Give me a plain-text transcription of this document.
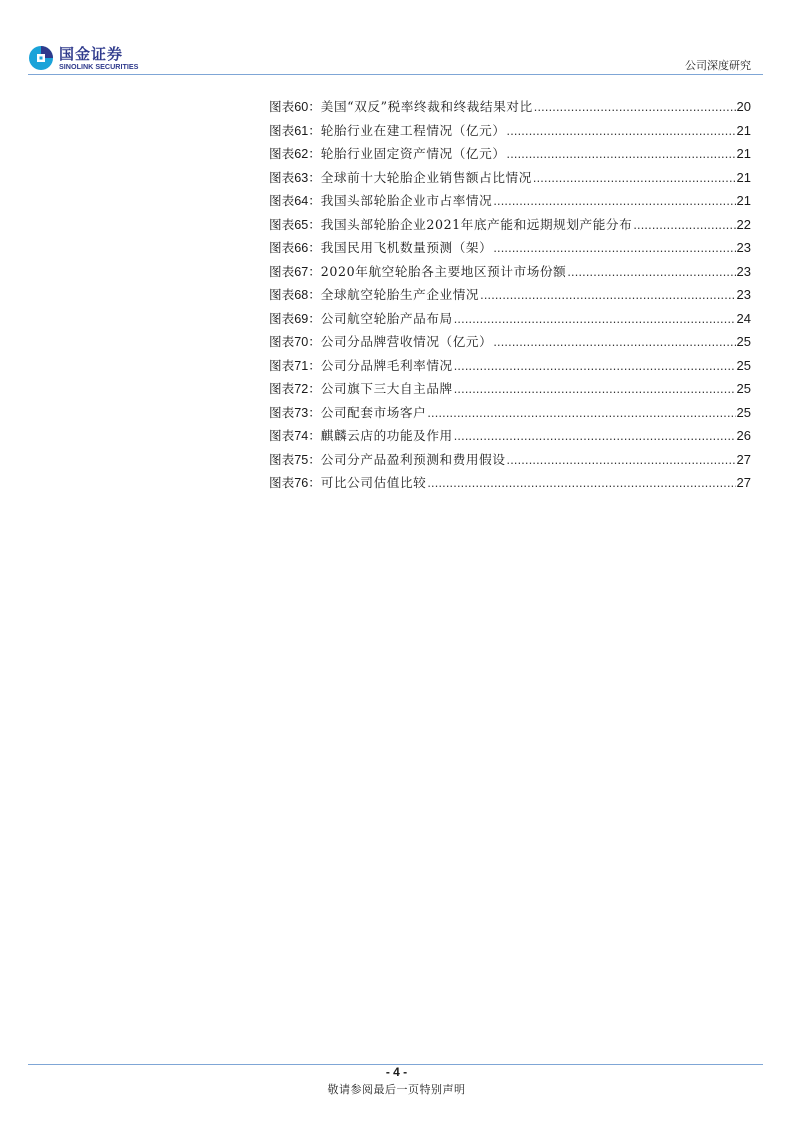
国金证券
SINOLINK SECURITIES	公司深度研究
图表60： 美国“双反”税率终裁和终裁结果对比 .....	20
图表61： 轮胎行业在建工程情况（亿元） .....	21
图表62： 轮胎行业固定资产情况（亿元） .....	21
图表63： 全球前十大轮胎企业销售额占比情况 .....	21
图表64： 我国头部轮胎企业市占率情况 .....	21
图表65： 我国头部轮胎企业2021年底产能和远期规划产能分布 .....	22
图表66： 我国民用飞机数量预测（架） .....	23
图表67： 2020年航空轮胎各主要地区预计市场份额 .....	23
图表68： 全球航空轮胎生产企业情况 .....	23
图表69： 公司航空轮胎产品布局 .....	24
图表70： 公司分品牌营收情况（亿元） .....	25
图表71： 公司分品牌毛利率情况 .....	25
图表72： 公司旗下三大自主品牌 .....	25
图表73： 公司配套市场客户 .....	25
图表74： 麒麟云店的功能及作用 .....	26
图表75： 公司分产品盈利预测和费用假设 .....	27
图表76： 可比公司估值比较 .....	27
- 4 -
敬请参阅最后一页特别声明
